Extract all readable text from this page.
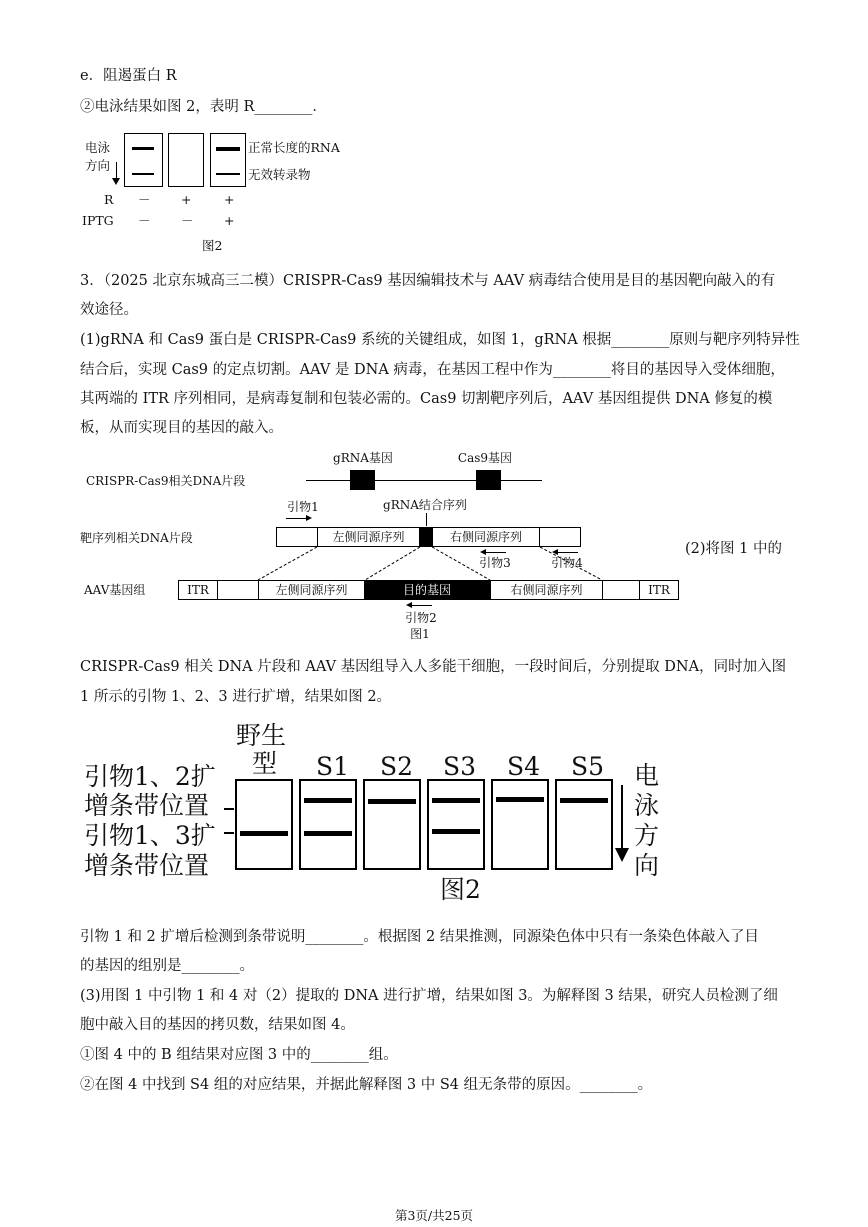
e．阻遏蛋白 R
②电泳结果如图 2，表明 R________．
电泳
方向
正常长度的RNA
无效转录物
R － +	+
IPTG － － +
图2
3．（2025 北京东城高三二模）CRISPR-Cas9 基因编辑技术与 AAV 病毒结合使用是目的基因靶向敲入的有
效途径。
(1)gRNA 和 Cas9 蛋白是 CRISPR-Cas9 系统的关键组成，如图 1，gRNA 根据________原则与靶序列特异性
结合后，实现 Cas9 的定点切割。AAV 是 DNA 病毒，在基因工程中作为________将目的基因导入受体细胞，
其两端的 ITR 序列相同，是病毒复制和包装必需的。Cas9 切割靶序列后，AAV 基因组提供 DNA 修复的模
板，从而实现目的基因的敲入。
CRISPR-Cas9相关DNA片段
gRNA基因	Cas9基因
引物1	gRNA结合序列
靶序列相关DNA片段	左侧同源序列	右侧同源序列
引物3	引物4
(2)将图 1 中的
AAV基因组	ITR	左侧同源序列	目的基因	右侧同源序列	ITR
引物2
图1
CRISPR-Cas9 相关 DNA 片段和 AAV 基因组导入人多能干细胞，一段时间后，分别提取 DNA，同时加入图
1 所示的引物 1、2、3 进行扩增，结果如图 2。
引物1、2扩
增条带位置
引物1、3扩
增条带位置
野生
型 S1 S2 S3 S4 S5 电
泳
方
向
图2
引物 1 和 2 扩增后检测到条带说明________。根据图 2 结果推测，同源染色体中只有一条染色体敲入了目
的基因的组别是________。
(3)用图 1 中引物 1 和 4 对（2）提取的 DNA 进行扩增，结果如图 3。为解释图 3 结果，研究人员检测了细
胞中敲入目的基因的拷贝数，结果如图 4。
①图 4 中的 B 组结果对应图 3 中的________组。
②在图 4 中找到 S4 组的对应结果，并据此解释图 3 中 S4 组无条带的原因。________。
第3页/共25页
